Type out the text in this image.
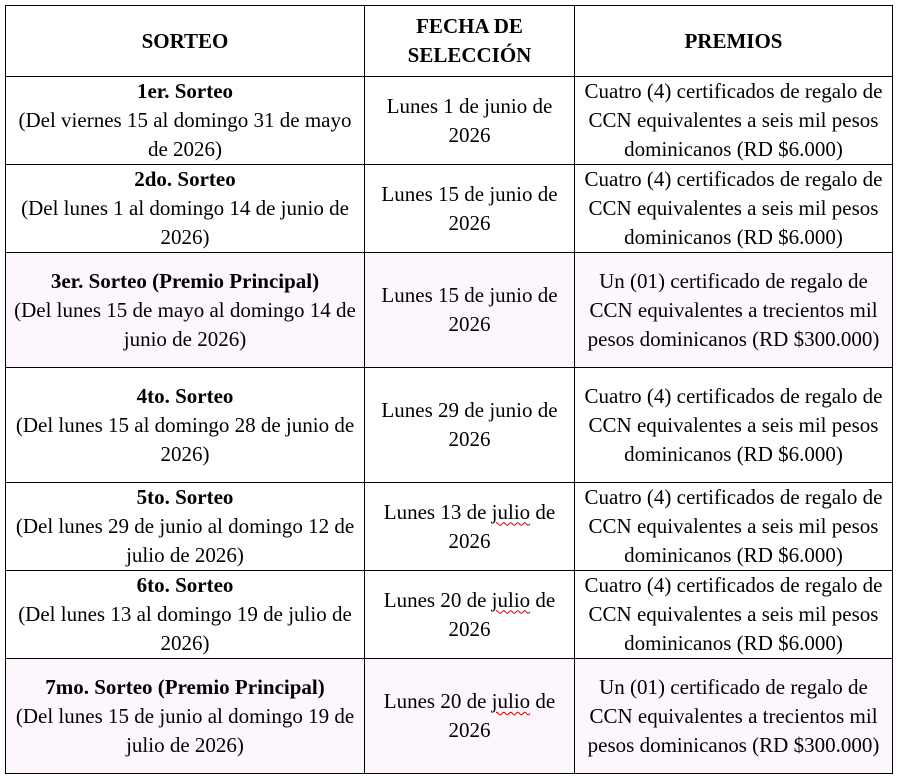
SORTEO	FECHA DE SELECCIÓN	PREMIOS

1er. Sorteo
(Del viernes 15 al domingo 31 de mayo de 2026)	Lunes 1 de junio de 2026	Cuatro (4) certificados de regalo de CCN equivalentes a seis mil pesos dominicanos (RD $6.000)

2do. Sorteo
(Del lunes 1 al domingo 14 de junio de 2026)	Lunes 15 de junio de 2026	Cuatro (4) certificados de regalo de CCN equivalentes a seis mil pesos dominicanos (RD $6.000)

3er. Sorteo (Premio Principal)
(Del lunes 15 de mayo al domingo 14 de junio de 2026)	Lunes 15 de junio de 2026	Un (01) certificado de regalo de CCN equivalentes a trecientos mil pesos dominicanos (RD $300.000)

4to. Sorteo
(Del lunes 15 al domingo 28 de junio de 2026)	Lunes 29 de junio de 2026	Cuatro (4) certificados de regalo de CCN equivalentes a seis mil pesos dominicanos (RD $6.000)

5to. Sorteo
(Del lunes 29 de junio al domingo 12 de julio de 2026)	Lunes 13 de julio de 2026	Cuatro (4) certificados de regalo de CCN equivalentes a seis mil pesos dominicanos (RD $6.000)

6to. Sorteo
(Del lunes 13 al domingo 19 de julio de 2026)	Lunes 20 de julio de 2026	Cuatro (4) certificados de regalo de CCN equivalentes a seis mil pesos dominicanos (RD $6.000)

7mo. Sorteo (Premio Principal)
(Del lunes 15 de junio al domingo 19 de julio de 2026)	Lunes 20 de julio de 2026	Un (01) certificado de regalo de CCN equivalentes a trecientos mil pesos dominicanos (RD $300.000)
